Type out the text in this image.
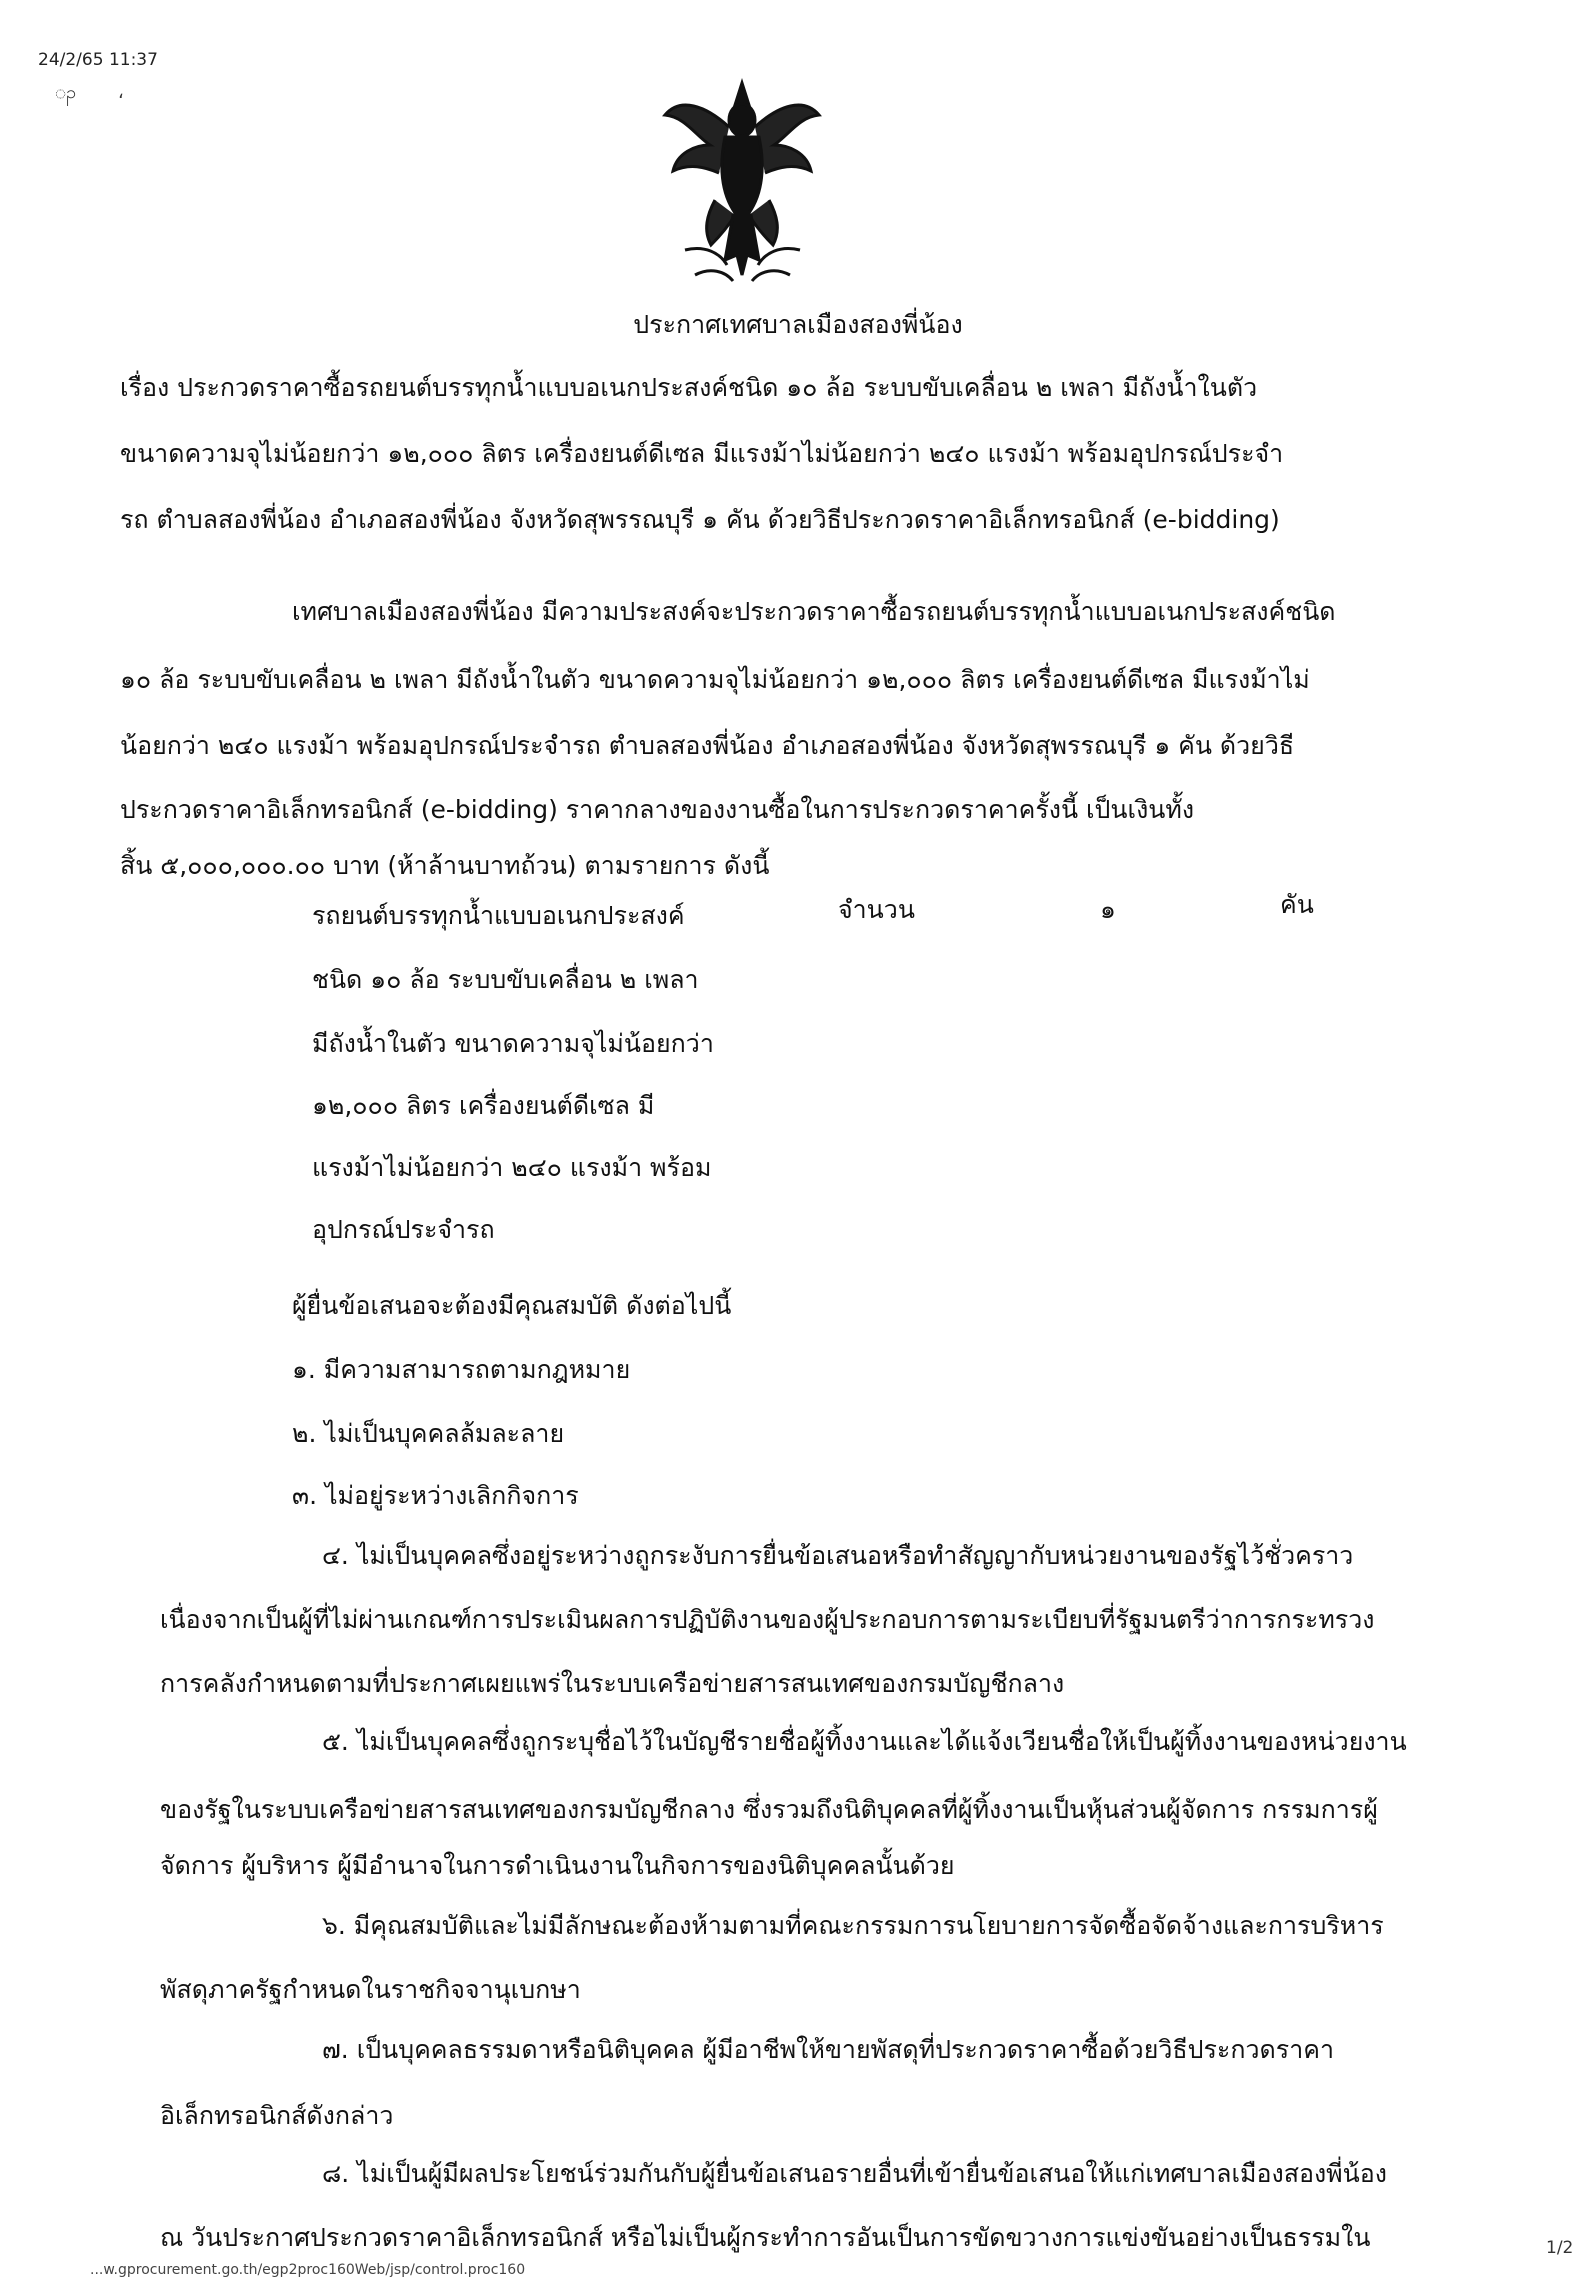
24/2/65 11:37
ၣ ،
ประกาศเทศบาลเมืองสองพี่น้อง
เรื่อง ประกวดราคาซื้อรถยนต์บรรทุกน้ำแบบอเนกประสงค์ชนิด ๑๐ ล้อ ระบบขับเคลื่อน ๒ เพลา มีถังน้ำในตัว
ขนาดความจุไม่น้อยกว่า ๑๒,๐๐๐ ลิตร เครื่องยนต์ดีเซล มีแรงม้าไม่น้อยกว่า ๒๔๐ แรงม้า พร้อมอุปกรณ์ประจำ
รถ ตำบลสองพี่น้อง อำเภอสองพี่น้อง จังหวัดสุพรรณบุรี ๑ คัน ด้วยวิธีประกวดราคาอิเล็กทรอนิกส์ (e-bidding)
เทศบาลเมืองสองพี่น้อง มีความประสงค์จะประกวดราคาซื้อรถยนต์บรรทุกน้ำแบบอเนกประสงค์ชนิด
๑๐ ล้อ ระบบขับเคลื่อน ๒ เพลา มีถังน้ำในตัว ขนาดความจุไม่น้อยกว่า ๑๒,๐๐๐ ลิตร เครื่องยนต์ดีเซล มีแรงม้าไม่
น้อยกว่า ๒๔๐ แรงม้า พร้อมอุปกรณ์ประจำรถ ตำบลสองพี่น้อง อำเภอสองพี่น้อง จังหวัดสุพรรณบุรี ๑ คัน ด้วยวิธี
ประกวดราคาอิเล็กทรอนิกส์ (e-bidding) ราคากลางของงานซื้อในการประกวดราคาครั้งนี้ เป็นเงินทั้ง
สิ้น ๕,๐๐๐,๐๐๐.๐๐ บาท (ห้าล้านบาทถ้วน) ตามรายการ ดังนี้
รถยนต์บรรทุกน้ำแบบอเนกประสงค์
ชนิด ๑๐ ล้อ ระบบขับเคลื่อน ๒ เพลา
มีถังน้ำในตัว ขนาดความจุไม่น้อยกว่า
๑๒,๐๐๐ ลิตร เครื่องยนต์ดีเซล มี
แรงม้าไม่น้อยกว่า ๒๔๐ แรงม้า พร้อม
อุปกรณ์ประจำรถ
จำนวน	๑	คัน
ผู้ยื่นข้อเสนอจะต้องมีคุณสมบัติ ดังต่อไปนี้
๑. มีความสามารถตามกฎหมาย
๒. ไม่เป็นบุคคลล้มละลาย
๓. ไม่อยู่ระหว่างเลิกกิจการ
๔. ไม่เป็นบุคคลซึ่งอยู่ระหว่างถูกระงับการยื่นข้อเสนอหรือทำสัญญากับหน่วยงานของรัฐไว้ชั่วคราว
เนื่องจากเป็นผู้ที่ไม่ผ่านเกณฑ์การประเมินผลการปฏิบัติงานของผู้ประกอบการตามระเบียบที่รัฐมนตรีว่าการกระทรวง
การคลังกำหนดตามที่ประกาศเผยแพร่ในระบบเครือข่ายสารสนเทศของกรมบัญชีกลาง
๕. ไม่เป็นบุคคลซึ่งถูกระบุชื่อไว้ในบัญชีรายชื่อผู้ทิ้งงานและได้แจ้งเวียนชื่อให้เป็นผู้ทิ้งงานของหน่วยงาน
ของรัฐในระบบเครือข่ายสารสนเทศของกรมบัญชีกลาง ซึ่งรวมถึงนิติบุคคลที่ผู้ทิ้งงานเป็นหุ้นส่วนผู้จัดการ กรรมการผู้
จัดการ ผู้บริหาร ผู้มีอำนาจในการดำเนินงานในกิจการของนิติบุคคลนั้นด้วย
๖. มีคุณสมบัติและไม่มีลักษณะต้องห้ามตามที่คณะกรรมการนโยบายการจัดซื้อจัดจ้างและการบริหาร
พัสดุภาครัฐกำหนดในราชกิจจานุเบกษา
๗. เป็นบุคคลธรรมดาหรือนิติบุคคล ผู้มีอาชีพให้ขายพัสดุที่ประกวดราคาซื้อด้วยวิธีประกวดราคา
อิเล็กทรอนิกส์ดังกล่าว
๘. ไม่เป็นผู้มีผลประโยชน์ร่วมกันกับผู้ยื่นข้อเสนอรายอื่นที่เข้ายื่นข้อเสนอให้แก่เทศบาลเมืองสองพี่น้อง
ณ วันประกาศประกวดราคาอิเล็กทรอนิกส์ หรือไม่เป็นผู้กระทำการอันเป็นการขัดขวางการแข่งขันอย่างเป็นธรรมใน
...w.gprocurement.go.th/egp2proc160Web/jsp/control.proc160
1/2
